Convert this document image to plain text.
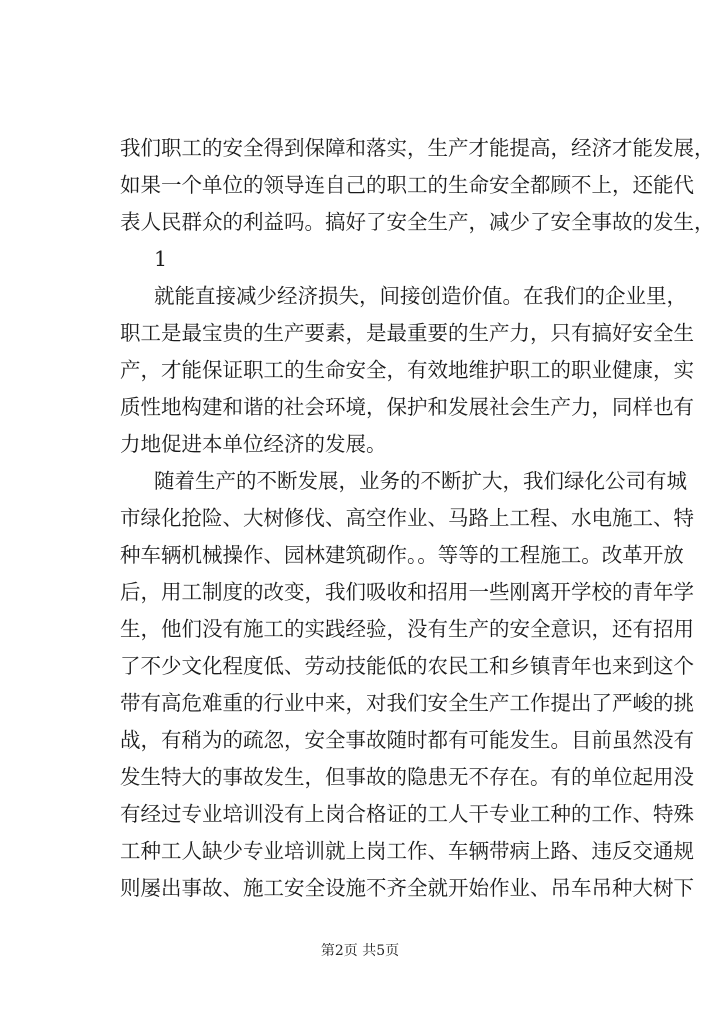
我们职工的安全得到保障和落实，生产才能提高，经济才能发展，
如果一个单位的领导连自己的职工的生命安全都顾不上，还能代
表人民群众的利益吗。搞好了安全生产，减少了安全事故的发生，
1
就能直接减少经济损失，间接创造价值。在我们的企业里，
职工是最宝贵的生产要素，是最重要的生产力，只有搞好安全生
产，才能保证职工的生命安全，有效地维护职工的职业健康，实
质性地构建和谐的社会环境，保护和发展社会生产力，同样也有
力地促进本单位经济的发展。
随着生产的不断发展，业务的不断扩大，我们绿化公司有城
市绿化抢险、大树修伐、高空作业、马路上工程、水电施工、特
种车辆机械操作、园林建筑砌作。。等等的工程施工。改革开放
后，用工制度的改变，我们吸收和招用一些刚离开学校的青年学
生，他们没有施工的实践经验，没有生产的安全意识，还有招用
了不少文化程度低、劳动技能低的农民工和乡镇青年也来到这个
带有高危难重的行业中来，对我们安全生产工作提出了严峻的挑
战，有稍为的疏忽，安全事故随时都有可能发生。目前虽然没有
发生特大的事故发生，但事故的隐患无不存在。有的单位起用没
有经过专业培训没有上岗合格证的工人干专业工种的工作、特殊
工种工人缺少专业培训就上岗工作、车辆带病上路、违反交通规
则屡出事故、施工安全设施不齐全就开始作业、吊车吊种大树下
第2页 共5页
